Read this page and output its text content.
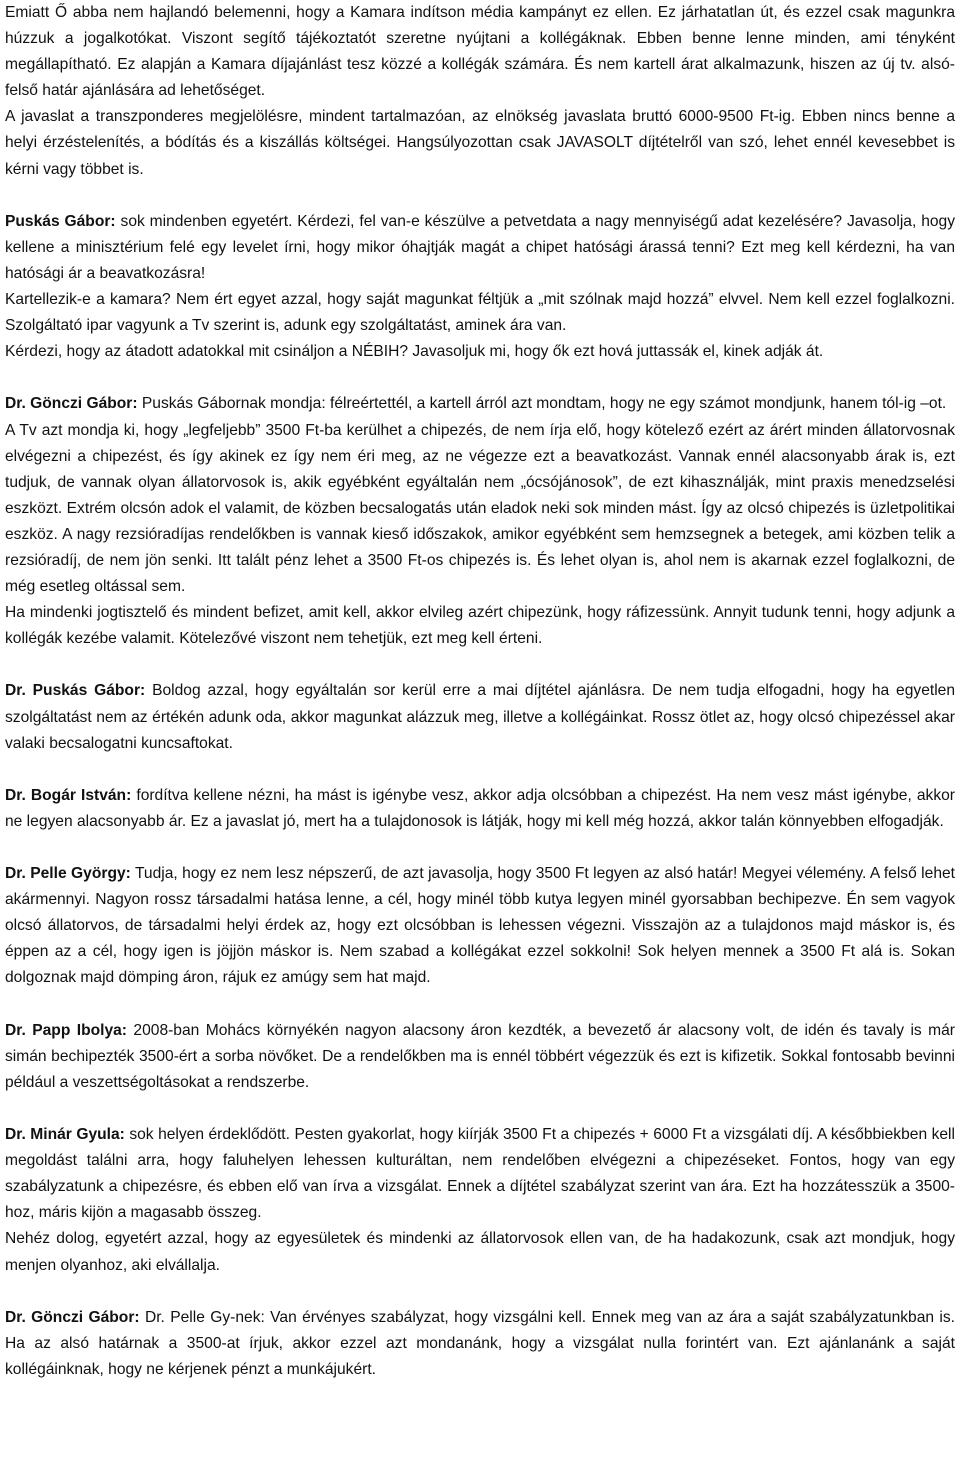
Emiatt Ő abba nem hajlandó belemenni, hogy a Kamara indítson média kampányt ez ellen. Ez járhatatlan út, és ezzel csak magunkra húzzuk a jogalkotókat. Viszont segítő tájékoztatót szeretne nyújtani a kollégáknak. Ebben benne lenne minden, ami tényként megállapítható. Ez alapján a Kamara díjajánlást tesz közzé a kollégák számára. És nem kartell árat alkalmazunk, hiszen az új tv. alsó-felső határ ajánlására ad lehetőséget.

A javaslat a transzponderes megjelölésre, mindent tartalmazóan, az elnökség javaslata bruttó 6000-9500 Ft-ig. Ebben nincs benne a helyi érzéstelenítés, a bódítás és a kiszállás költségei. Hangsúlyozottan csak JAVASOLT díjtételről van szó, lehet ennél kevesebbet is kérni vagy többet is.

Puskás Gábor: sok mindenben egyetért. Kérdezi, fel van-e készülve a petvetdata a nagy mennyiségű adat kezelésére? Javasolja, hogy kellene a minisztérium felé egy levelet írni, hogy mikor óhajtják magát a chipet hatósági árassá tenni? Ezt meg kell kérdezni, ha van hatósági ár a beavatkozásra!

Kartellezik-e a kamara? Nem ért egyet azzal, hogy saját magunkat féltjük a „mit szólnak majd hozzá” elvvel. Nem kell ezzel foglalkozni. Szolgáltató ipar vagyunk a Tv szerint is, adunk egy szolgáltatást, aminek ára van.

Kérdezi, hogy az átadott adatokkal mit csináljon a NÉBIH? Javasoljuk mi, hogy ők ezt hová juttassák el, kinek adják át.

Dr. Gönczi Gábor: Puskás Gábornak mondja: félreértettél, a kartell árról azt mondtam, hogy ne egy számot mondjunk, hanem tól-ig –ot.

A Tv azt mondja ki, hogy „legfeljebb” 3500 Ft-ba kerülhet a chipezés, de nem írja elő, hogy kötelező ezért az árért minden állatorvosnak elvégezni a chipezést, és így akinek ez így nem éri meg, az ne végezze ezt a beavatkozást. Vannak ennél alacsonyabb árak is, ezt tudjuk, de vannak olyan állatorvosok is, akik egyébként egyáltalán nem „ócsójánosok”, de ezt kihasználják, mint praxis menedzselési eszközt. Extrém olcsón adok el valamit, de közben becsalogatás után eladok neki sok minden mást. Így az olcsó chipezés is üzletpolitikai eszköz. A nagy rezsióradíjas rendelőkben is vannak kieső időszakok, amikor egyébként sem hemzsegnek a betegek, ami közben telik a rezsióradíj, de nem jön senki. Itt talált pénz lehet a 3500 Ft-os chipezés is. És lehet olyan is, ahol nem is akarnak ezzel foglalkozni, de még esetleg oltással sem.

Ha mindenki jogtisztelő és mindent befizet, amit kell, akkor elvileg azért chipezünk, hogy ráfizessünk. Annyit tudunk tenni, hogy adjunk a kollégák kezébe valamit. Kötelezővé viszont nem tehetjük, ezt meg kell érteni.

Dr. Puskás Gábor: Boldog azzal, hogy egyáltalán sor kerül erre a mai díjtétel ajánlásra. De nem tudja elfogadni, hogy ha egyetlen szolgáltatást nem az értékén adunk oda, akkor magunkat alázzuk meg, illetve a kollégáinkat. Rossz ötlet az, hogy olcsó chipezéssel akar valaki becsalogatni kuncsaftokat.

Dr. Bogár István: fordítva kellene nézni, ha mást is igénybe vesz, akkor adja olcsóbban a chipezést. Ha nem vesz mást igénybe, akkor ne legyen alacsonyabb ár. Ez a javaslat jó, mert ha a tulajdonosok is látják, hogy mi kell még hozzá, akkor talán könnyebben elfogadják.

Dr. Pelle György: Tudja, hogy ez nem lesz népszerű, de azt javasolja, hogy 3500 Ft legyen az alsó határ! Megyei vélemény. A felső lehet akármennyi. Nagyon rossz társadalmi hatása lenne, a cél, hogy minél több kutya legyen minél gyorsabban bechipezve. Én sem vagyok olcsó állatorvos, de társadalmi helyi érdek az, hogy ezt olcsóbban is lehessen végezni. Visszajön az a tulajdonos majd máskor is, és éppen az a cél, hogy igen is jöjjön máskor is. Nem szabad a kollégákat ezzel sokkolni! Sok helyen mennek a 3500 Ft alá is. Sokan dolgoznak majd dömping áron, rájuk ez amúgy sem hat majd.

Dr. Papp Ibolya: 2008-ban Mohács környékén nagyon alacsony áron kezdték, a bevezető ár alacsony volt, de idén és tavaly is már simán bechipezték 3500-ért a sorba növőket. De a rendelőkben ma is ennél többért végezzük és ezt is kifizetik. Sokkal fontosabb bevinni például a veszettségoltásokat a rendszerbe.

Dr. Minár Gyula: sok helyen érdeklődött. Pesten gyakorlat, hogy kiírják 3500 Ft a chipezés + 6000 Ft a vizsgálati díj. A későbbiekben kell megoldást találni arra, hogy faluhelyen lehessen kulturáltan, nem rendelőben elvégezni a chipezéseket. Fontos, hogy van egy szabályzatunk a chipezésre, és ebben elő van írva a vizsgálat. Ennek a díjtétel szabályzat szerint van ára. Ezt ha hozzátesszük a 3500-hoz, máris kijön a magasabb összeg.

Nehéz dolog, egyetért azzal, hogy az egyesületek és mindenki az állatorvosok ellen van, de ha hadakozunk, csak azt mondjuk, hogy menjen olyanhoz, aki elvállalja.

Dr. Gönczi Gábor: Dr. Pelle Gy-nek: Van érvényes szabályzat, hogy vizsgálni kell. Ennek meg van az ára a saját szabályzatunkban is. Ha az alsó határnak a 3500-at írjuk, akkor ezzel azt mondanánk, hogy a vizsgálat nulla forintért van. Ezt ajánlanánk a saját kollégáinknak, hogy ne kérjenek pénzt a munkájukért.
